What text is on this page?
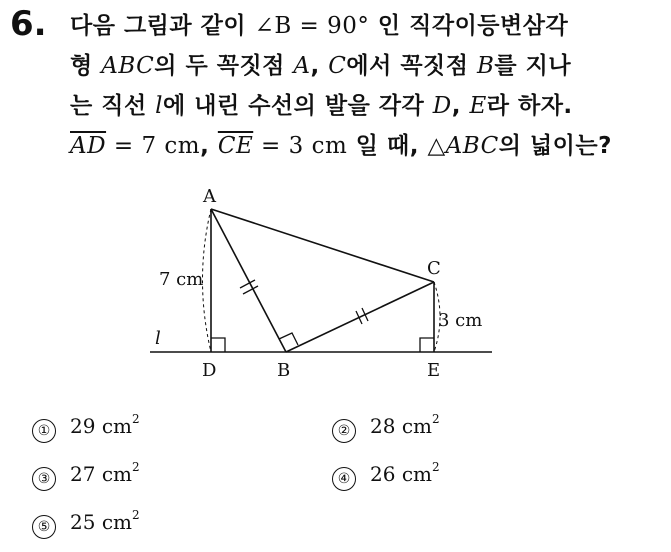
6. 다음 그림과 같이 ∠B = 90° 인 직각이등변삼각
형 ABC의 두 꼭짓점 A, C에서 꼭짓점 B를 지나
는 직선 l에 내린 수선의 발을 각각 D, E라 하자.
$\overline{AD} = 7$ cm, $\overline{CE} = 3$ cm 일 때, △ABC의 넓이는?
A
C
D	B	E
l
7 cm
3 cm
① 29
$cm^2$
② 28
$cm^2$
③ 27
$cm^2$
④ 26
$cm^2$
⑤ 25
$cm^2$
